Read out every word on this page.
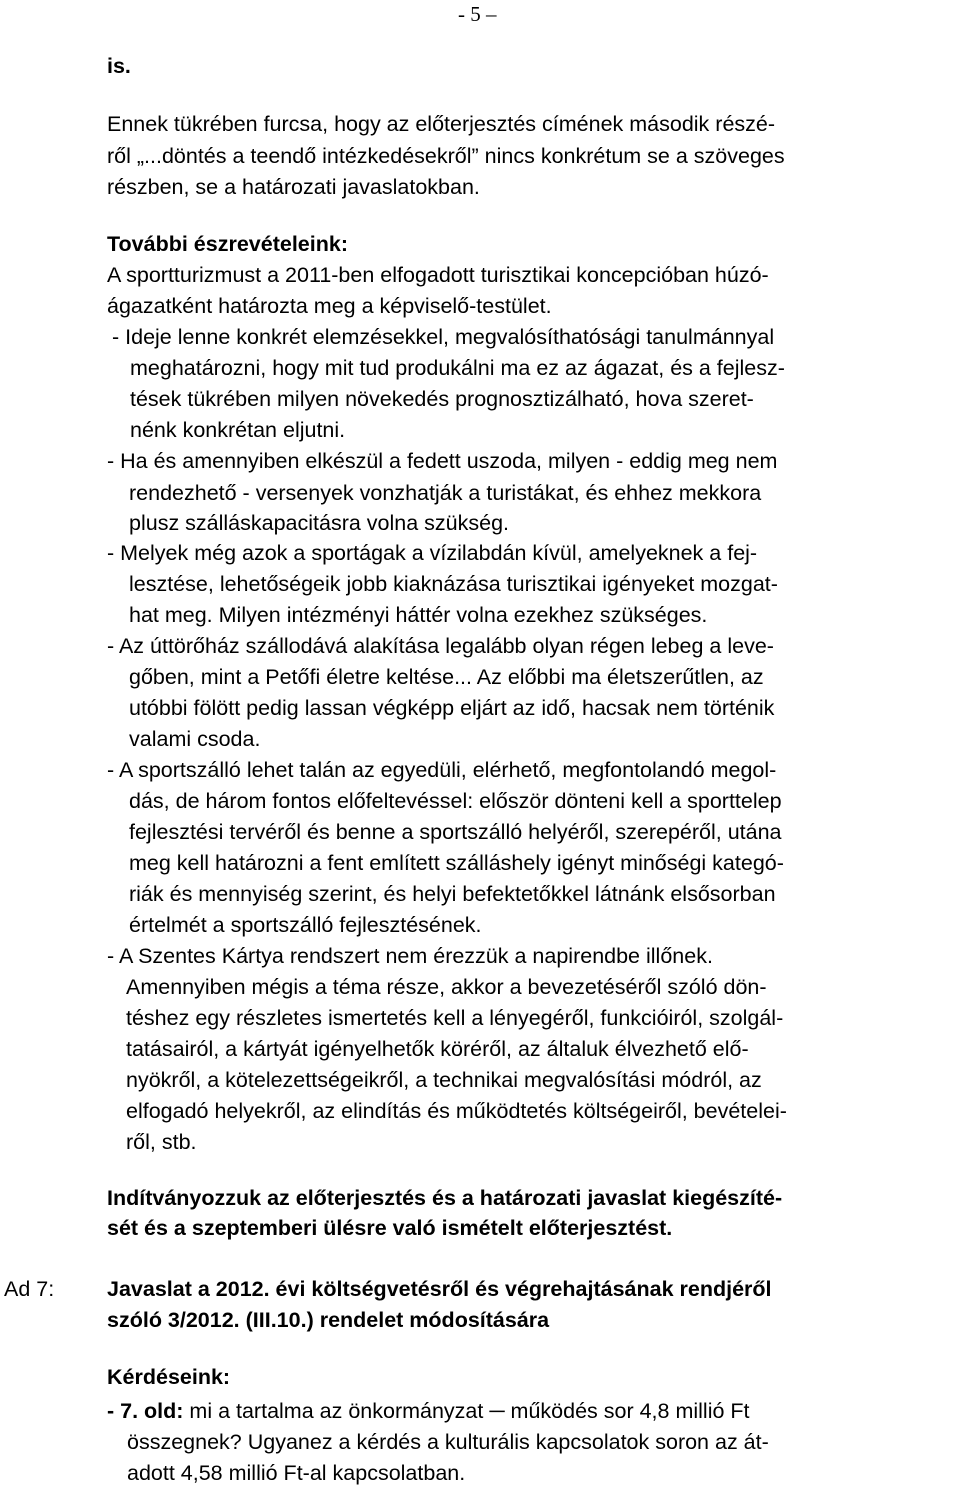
- 5 –
is.
Ennek tükrében furcsa, hogy az előterjesztés címének második részé-
ről „...döntés a teendő intézkedésekről” nincs konkrétum se a szöveges
részben, se a határozati javaslatokban.
További észrevételeink:
A sportturizmust a 2011-ben elfogadott turisztikai koncepcióban húzó-
ágazatként határozta meg a képviselő-testület.
- Ideje lenne konkrét elemzésekkel, megvalósíthatósági tanulmánnyal
meghatározni, hogy mit tud produkálni ma ez az ágazat, és a fejlesz-
tések tükrében milyen növekedés prognosztizálható, hova szeret-
nénk konkrétan eljutni.
- Ha és amennyiben elkészül a fedett uszoda, milyen - eddig meg nem
rendezhető - versenyek vonzhatják a turistákat, és ehhez mekkora
plusz szálláskapacitásra volna szükség.
- Melyek még azok a sportágak a vízilabdán kívül, amelyeknek a fej-
lesztése, lehetőségeik jobb kiaknázása turisztikai igényeket mozgat-
hat meg. Milyen intézményi háttér volna ezekhez szükséges.
- Az úttörőház szállodává alakítása legalább olyan régen lebeg a leve-
gőben, mint a Petőfi életre keltése... Az előbbi ma életszerűtlen, az
utóbbi fölött pedig lassan végképp eljárt az idő, hacsak nem történik
valami csoda.
- A sportszálló lehet talán az egyedüli, elérhető, megfontolandó megol-
dás, de három fontos előfeltevéssel: először dönteni kell a sporttelep
fejlesztési tervéről és benne a sportszálló helyéről, szerepéről, utána
meg kell határozni a fent említett szálláshely igényt minőségi kategó-
riák és mennyiség szerint, és helyi befektetőkkel látnánk elsősorban
értelmét a sportszálló fejlesztésének.
- A Szentes Kártya rendszert nem érezzük a napirendbe illőnek.
Amennyiben mégis a téma része, akkor a bevezetéséről szóló dön-
téshez egy részletes ismertetés kell a lényegéről, funkcióiról, szolgál-
tatásairól, a kártyát igényelhetők köréről, az általuk élvezhető elő-
nyökről, a kötelezettségeikről, a technikai megvalósítási módról, az
elfogadó helyekről, az elindítás és működtetés költségeiről, bevételei-
ről, stb.
Indítványozzuk az előterjesztés és a határozati javaslat kiegészíté-
sét és a szeptemberi ülésre való ismételt előterjesztést.
Ad 7: Javaslat a 2012. évi költségvetésről és végrehajtásának rendjéről
szóló 3/2012. (III.10.) rendelet módosítására
Kérdéseink:
- 7. old: mi a tartalma az önkormányzat ─ működés sor 4,8 millió Ft
összegnek? Ugyanez a kérdés a kulturális kapcsolatok soron az át-
adott 4,58 millió Ft-al kapcsolatban.
